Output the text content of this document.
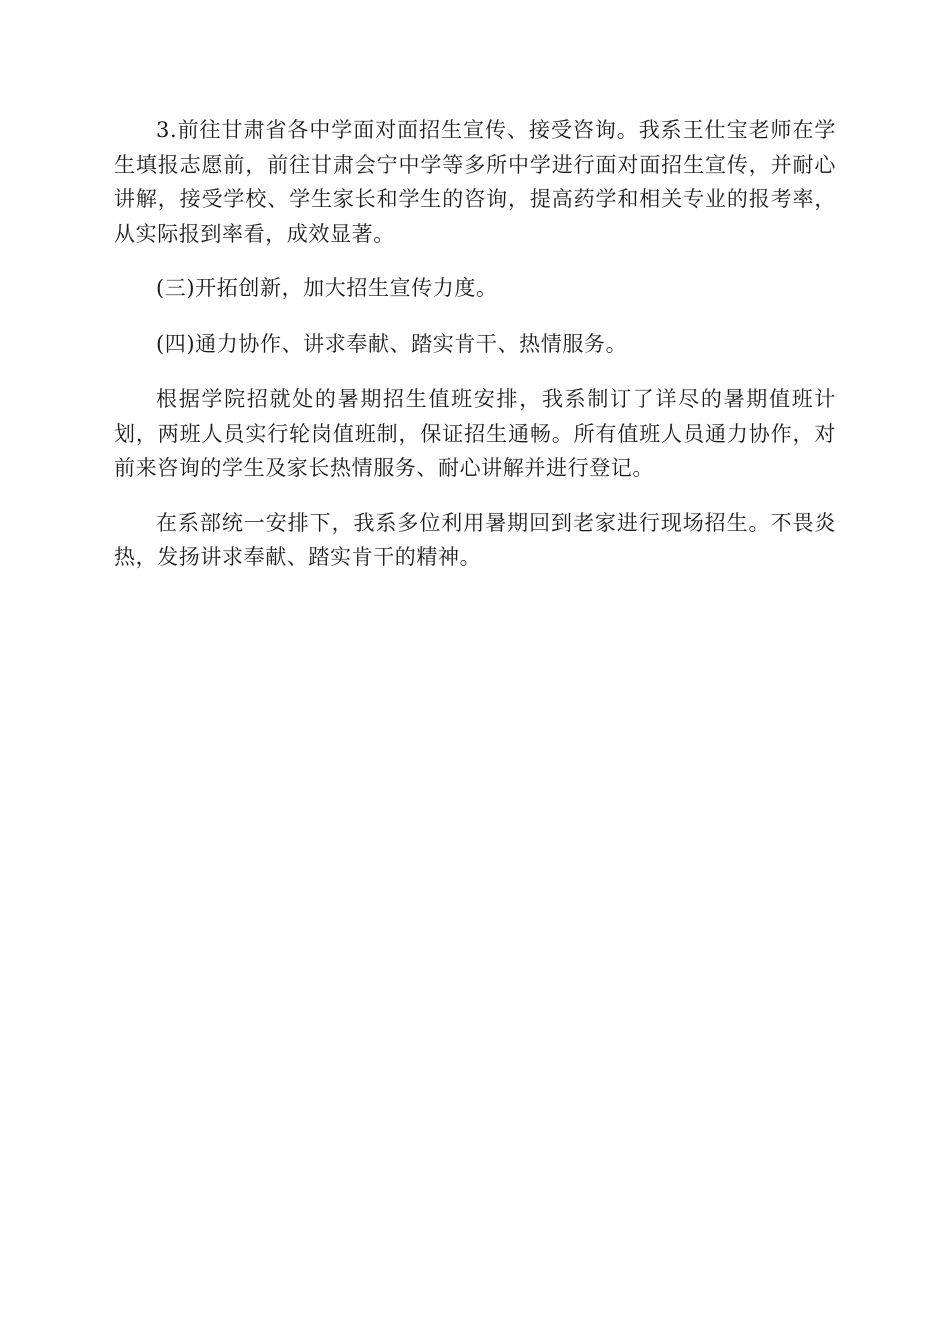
3.前往甘肃省各中学面对面招生宣传、接受咨询。我系王仕宝老师在学生填报志愿前，前往甘肃会宁中学等多所中学进行面对面招生宣传，并耐心讲解，接受学校、学生家长和学生的咨询，提高药学和相关专业的报考率，从实际报到率看，成效显著。

(三)开拓创新，加大招生宣传力度。

(四)通力协作、讲求奉献、踏实肯干、热情服务。

根据学院招就处的暑期招生值班安排，我系制订了详尽的暑期值班计划，两班人员实行轮岗值班制，保证招生通畅。所有值班人员通力协作，对前来咨询的学生及家长热情服务、耐心讲解并进行登记。

在系部统一安排下，我系多位利用暑期回到老家进行现场招生。不畏炎热，发扬讲求奉献、踏实肯干的精神。
